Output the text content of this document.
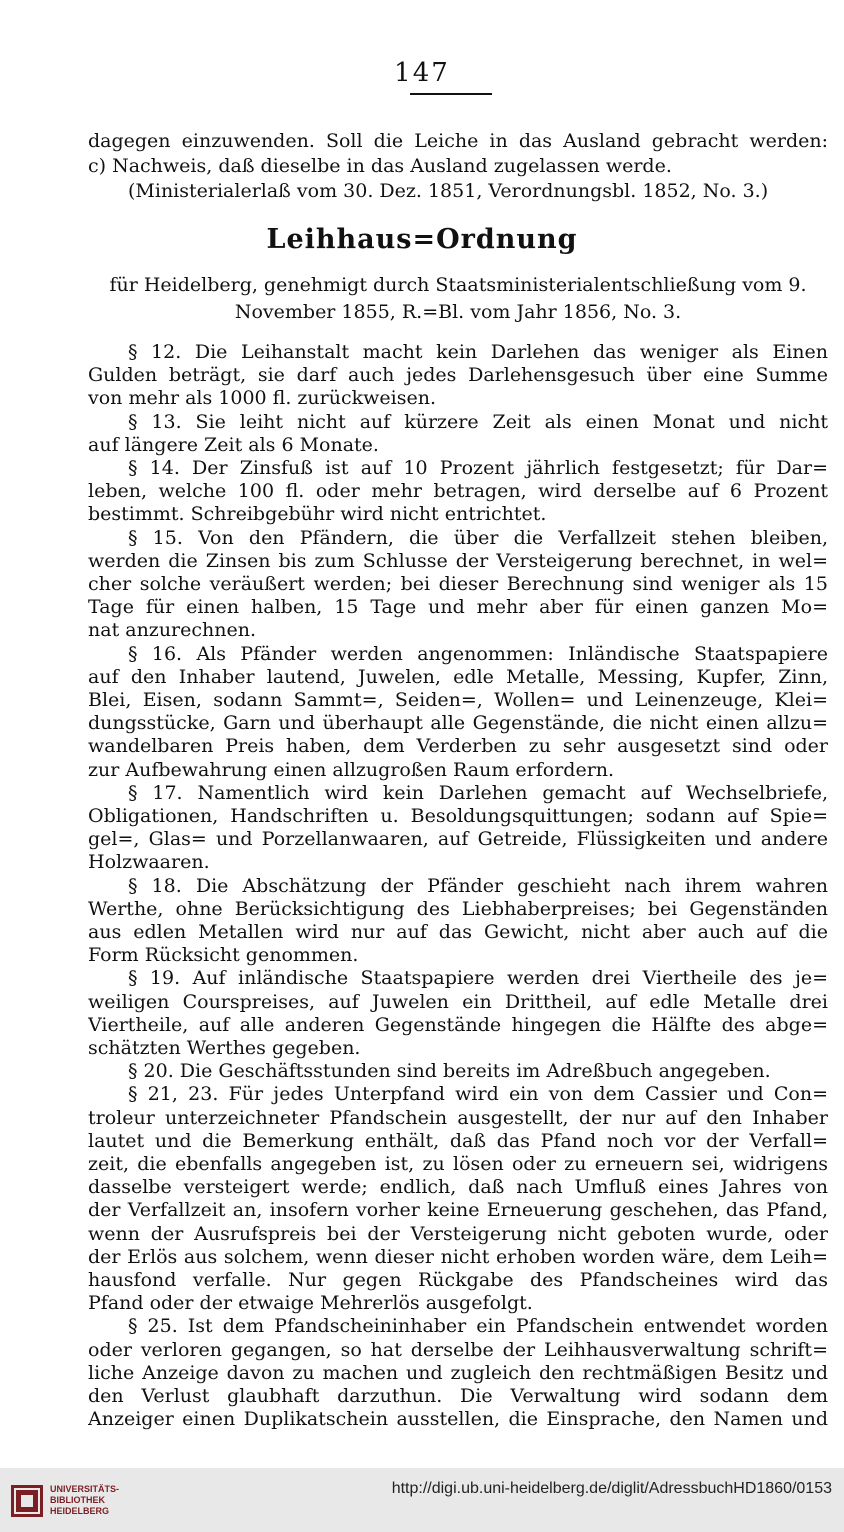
147
dagegen einzuwenden. Soll die Leiche in das Ausland gebracht werden:
c) Nachweis, daß dieselbe in das Ausland zugelassen werde.
(Ministerialerlaß vom 30. Dez. 1851, Verordnungsbl. 1852, No. 3.)
Leihhaus=Ordnung
für Heidelberg, genehmigt durch Staatsministerialentschließung vom 9.
November 1855, R.=Bl. vom Jahr 1856, No. 3.
§ 12. Die Leihanstalt macht kein Darlehen das weniger als Einen
Gulden beträgt, sie darf auch jedes Darlehensgesuch über eine Summe
von mehr als 1000 fl. zurückweisen.
§ 13. Sie leiht nicht auf kürzere Zeit als einen Monat und nicht
auf längere Zeit als 6 Monate.
§ 14. Der Zinsfuß ist auf 10 Prozent jährlich festgesetzt; für Dar=
leben, welche 100 fl. oder mehr betragen, wird derselbe auf 6 Prozent
bestimmt. Schreibgebühr wird nicht entrichtet.
§ 15. Von den Pfändern, die über die Verfallzeit stehen bleiben,
werden die Zinsen bis zum Schlusse der Versteigerung berechnet, in wel=
cher solche veräußert werden; bei dieser Berechnung sind weniger als 15
Tage für einen halben, 15 Tage und mehr aber für einen ganzen Mo=
nat anzurechnen.
§ 16. Als Pfänder werden angenommen: Inländische Staatspapiere
auf den Inhaber lautend, Juwelen, edle Metalle, Messing, Kupfer, Zinn,
Blei, Eisen, sodann Sammt=, Seiden=, Wollen= und Leinenzeuge, Klei=
dungsstücke, Garn und überhaupt alle Gegenstände, die nicht einen allzu=
wandelbaren Preis haben, dem Verderben zu sehr ausgesetzt sind oder
zur Aufbewahrung einen allzugroßen Raum erfordern.
§ 17. Namentlich wird kein Darlehen gemacht auf Wechselbriefe,
Obligationen, Handschriften u. Besoldungsquittungen; sodann auf Spie=
gel=, Glas= und Porzellanwaaren, auf Getreide, Flüssigkeiten und andere
Holzwaaren.
§ 18. Die Abschätzung der Pfänder geschieht nach ihrem wahren
Werthe, ohne Berücksichtigung des Liebhaberpreises; bei Gegenständen
aus edlen Metallen wird nur auf das Gewicht, nicht aber auch auf die
Form Rücksicht genommen.
§ 19. Auf inländische Staatspapiere werden drei Viertheile des je=
weiligen Courspreises, auf Juwelen ein Drittheil, auf edle Metalle drei
Viertheile, auf alle anderen Gegenstände hingegen die Hälfte des abge=
schätzten Werthes gegeben.
§ 20. Die Geschäftsstunden sind bereits im Adreßbuch angegeben.
§ 21, 23. Für jedes Unterpfand wird ein von dem Cassier und Con=
troleur unterzeichneter Pfandschein ausgestellt, der nur auf den Inhaber
lautet und die Bemerkung enthält, daß das Pfand noch vor der Verfall=
zeit, die ebenfalls angegeben ist, zu lösen oder zu erneuern sei, widrigens
dasselbe versteigert werde; endlich, daß nach Umfluß eines Jahres von
der Verfallzeit an, insofern vorher keine Erneuerung geschehen, das Pfand,
wenn der Ausrufspreis bei der Versteigerung nicht geboten wurde, oder
der Erlös aus solchem, wenn dieser nicht erhoben worden wäre, dem Leih=
hausfond verfalle. Nur gegen Rückgabe des Pfandscheines wird das
Pfand oder der etwaige Mehrerlös ausgefolgt.
§ 25. Ist dem Pfandscheininhaber ein Pfandschein entwendet worden
oder verloren gegangen, so hat derselbe der Leihhausverwaltung schrift=
liche Anzeige davon zu machen und zugleich den rechtmäßigen Besitz und
den Verlust glaubhaft darzuthun. Die Verwaltung wird sodann dem
Anzeiger einen Duplikatschein ausstellen, die Einsprache, den Namen und
UNIVERSITÄTS-
BIBLIOTHEK
HEIDELBERG
http://digi.ub.uni-heidelberg.de/diglit/AdressbuchHD1860/0153
